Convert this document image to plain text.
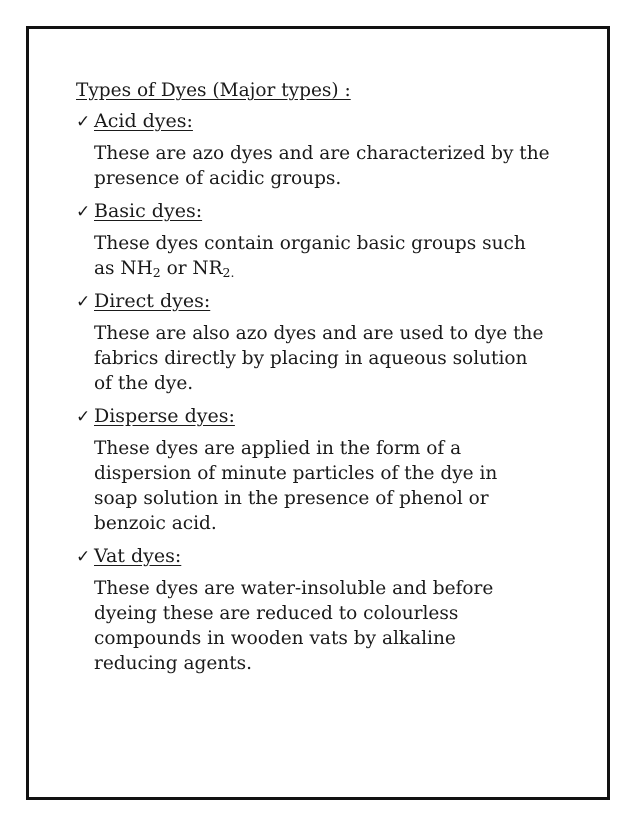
Types of Dyes (Major types) :
✓ Acid dyes:

These are azo dyes and are characterized by the

presence of acidic groups.

✓ Basic dyes:

These dyes contain organic basic groups such

as $NH_2$ or $NR_{2.}$

✓ Direct dyes:

These are also azo dyes and are used to dye the

fabrics directly by placing in aqueous solution

of the dye.

✓ Disperse dyes:

These dyes are applied in the form of a

dispersion of minute particles of the dye in

soap solution in the presence of phenol or

benzoic acid.

✓ Vat dyes:

These dyes are water-insoluble and before

dyeing these are reduced to colourless

compounds in wooden vats by alkaline

reducing agents.
